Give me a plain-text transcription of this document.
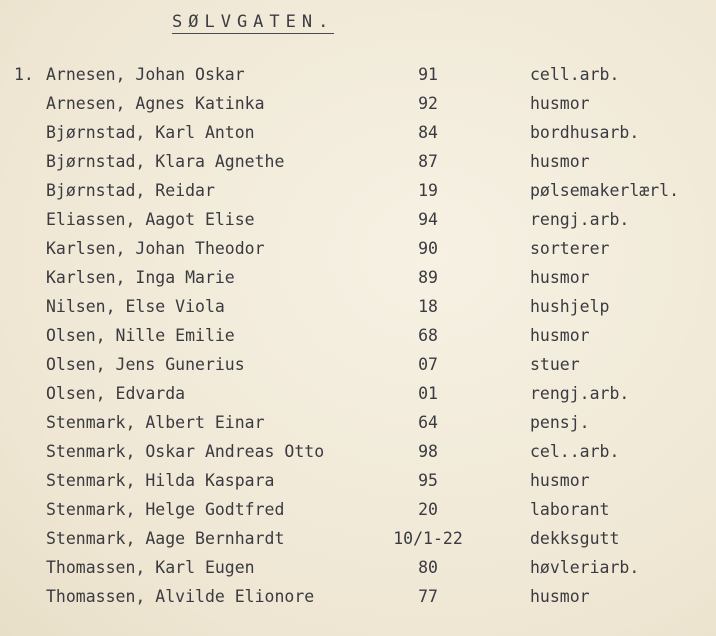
SØLVGATEN.
1. Arnesen, Johan Oskar	91	cell.arb.
Arnesen, Agnes Katinka	92	husmor
Bjørnstad, Karl Anton	84	bordhusarb.
Bjørnstad, Klara Agnethe	87	husmor
Bjørnstad, Reidar	19	pølsemakerlærl.
Eliassen, Aagot Elise	94	rengj.arb.
Karlsen, Johan Theodor	90	sorterer
Karlsen, Inga Marie	89	husmor
Nilsen, Else Viola	18	hushjelp
Olsen, Nille Emilie	68	husmor
Olsen, Jens Gunerius	07	stuer
Olsen, Edvarda	01	rengj.arb.
Stenmark, Albert Einar	64	pensj.
Stenmark, Oskar Andreas Otto	98	cel..arb.
Stenmark, Hilda Kaspara	95	husmor
Stenmark, Helge Godtfred	20	laborant
Stenmark, Aage Bernhardt	10/1-22	dekksgutt
Thomassen, Karl Eugen	80	høvleriarb.
Thomassen, Alvilde Elionore	77	husmor
